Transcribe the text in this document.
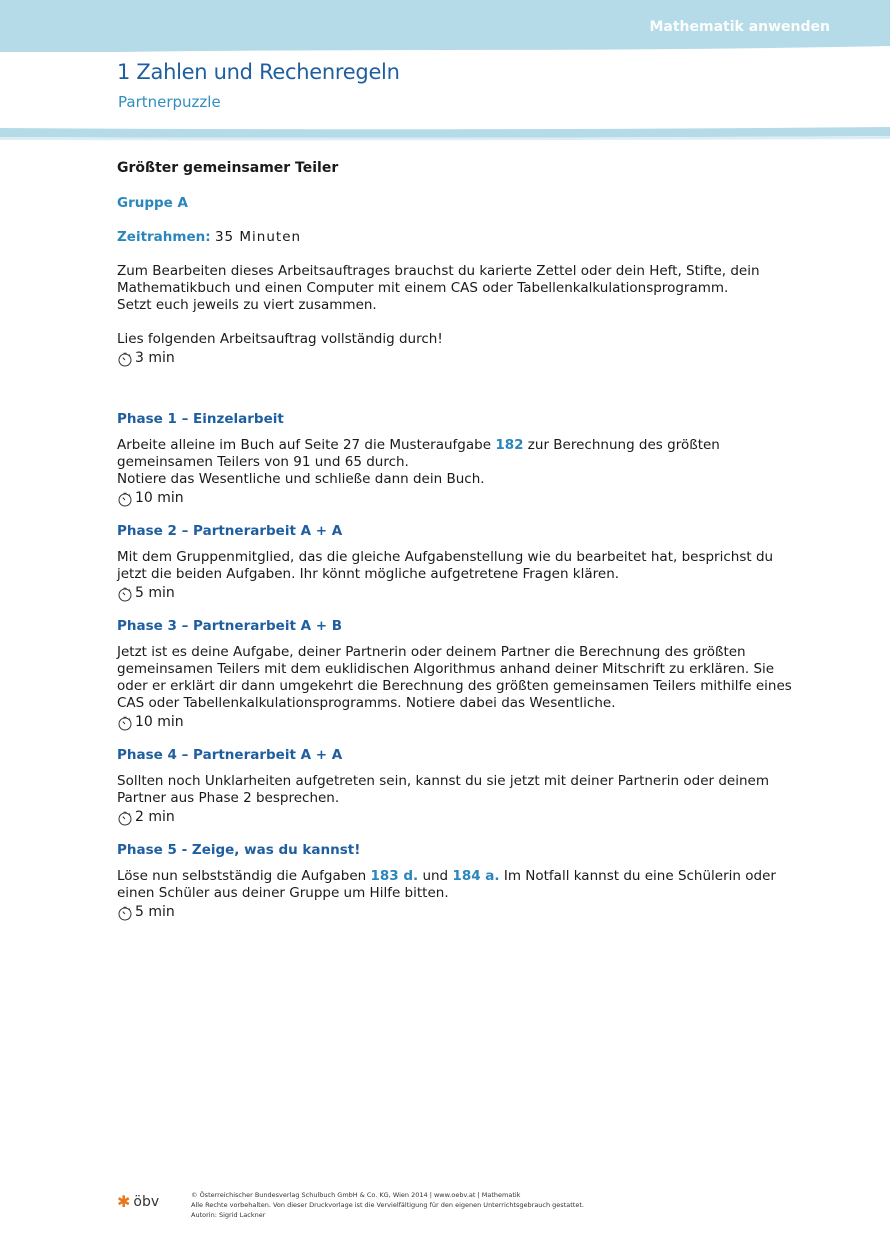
Mathematik anwenden
1 Zahlen und Rechenregeln
Partnerpuzzle
Größter gemeinsamer Teiler
Gruppe A
Zeitrahmen: 35 Minuten

Zum Bearbeiten dieses Arbeitsauftrages brauchst du karierte Zettel oder dein Heft, Stifte, dein

Mathematikbuch und einen Computer mit einem CAS oder Tabellenkalkulationsprogramm.

Setzt euch jeweils zu viert zusammen.

Lies folgenden Arbeitsauftrag vollständig durch!

3 min
Phase 1 – Einzelarbeit

Arbeite alleine im Buch auf Seite 27 die Musteraufgabe 182 zur Berechnung des größten gemeinsamen Teilers von 91 und 65 durch.

Notiere das Wesentliche und schließe dann dein Buch.

10 min
Phase 2 – Partnerarbeit A + A

Mit dem Gruppenmitglied, das die gleiche Aufgabenstellung wie du bearbeitet hat, besprichst du jetzt die beiden Aufgaben. Ihr könnt mögliche aufgetretene Fragen klären.

5 min
Phase 3 – Partnerarbeit A + B

Jetzt ist es deine Aufgabe, deiner Partnerin oder deinem Partner die Berechnung des größten gemeinsamen Teilers mit dem euklidischen Algorithmus anhand deiner Mitschrift zu erklären. Sie oder er erklärt dir dann umgekehrt die Berechnung des größten gemeinsamen Teilers mithilfe eines CAS oder Tabellenkalkulationsprogramms. Notiere dabei das Wesentliche.

10 min
Phase 4 – Partnerarbeit A + A

Sollten noch Unklarheiten aufgetreten sein, kannst du sie jetzt mit deiner Partnerin oder deinem Partner aus Phase 2 besprechen.

2 min
Phase 5 - Zeige, was du kannst!

Löse nun selbstständig die Aufgaben 183 d. und 184 a. Im Notfall kannst du eine Schülerin oder einen Schüler aus deiner Gruppe um Hilfe bitten.

5 min
✱ öbv	© Österreichischer Bundesverlag Schulbuch GmbH & Co. KG, Wien 2014 | www.oebv.at | Mathematik
Alle Rechte vorbehalten. Von dieser Druckvorlage ist die Vervielfältigung für den eigenen Unterrichtsgebrauch gestattet.
Autorin: Sigrid Lackner
